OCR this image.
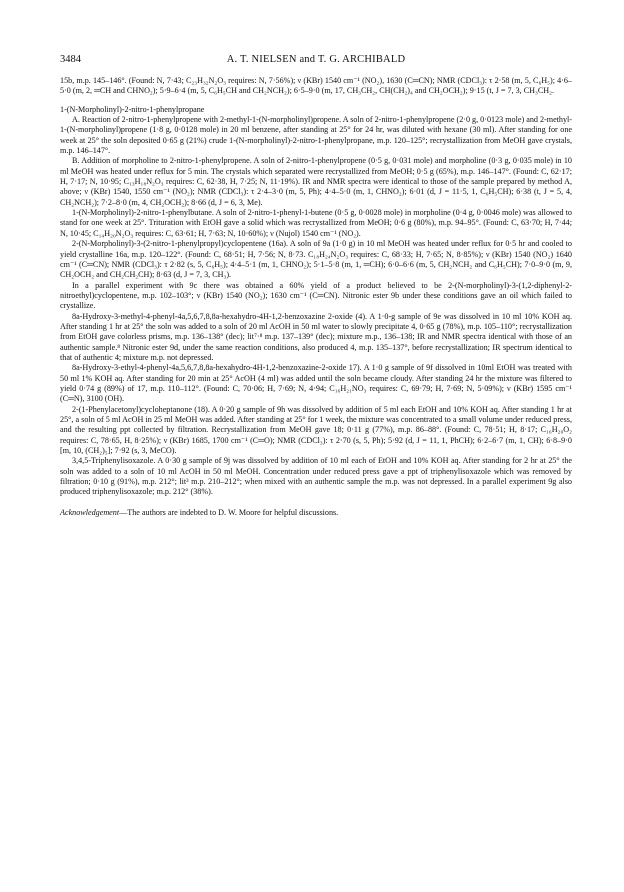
3484	A. T. NIELSEN and T. G. ARCHIBALD

15b, m.p. 145–146°. (Found: N, 7·43; C₂₃H₃₂N₂O₃ requires: N, 7·56%); ν (KBr) 1540 cm⁻¹ (NO₂), 1630 (C═CN); NMR (CDCl₃): τ 2·58 (m, 5, C₆H₅); 4·6–5·0 (m, 2, ═CH and CHNO₂); 5·9–6·4 (m, 5, C₆H₅CH and CH₂NCH₂); 6·5–9·0 (m, 17, CH₃CH₂, CH(CH₂)₄ and CH₂OCH₂); 9·15 (t, J = 7, 3, CH₃CH₂.

1-(N-Morpholinyl)-2-nitro-1-phenylpropane

A. Reaction of 2-nitro-1-phenylpropene with 2-methyl-1-(N-morpholinyl)propene. A soln of 2-nitro-1-phenylpropene (2·0 g, 0·0123 mole) and 2-methyl-1-(N-morpholinyl)propene (1·8 g, 0·0128 mole) in 20 ml benzene, after standing at 25° for 24 hr, was diluted with hexane (30 ml). After standing for one week at 25° the soln deposited 0·65 g (21%) crude 1-(N-morpholinyl)-2-nitro-1-phenylpropane, m.p. 120–125°; recrystallization from MeOH gave crystals, m.p. 146–147°.

B. Addition of morpholine to 2-nitro-1-phenylpropene. A soln of 2-nitro-1-phenylpropene (0·5 g, 0·031 mole) and morpholine (0·3 g, 0·035 mole) in 10 ml MeOH was heated under reflux for 5 min. The crystals which separated were recrystallized from MeOH; 0·5 g (65%), m.p. 146–147°. (Found: C, 62·17; H, 7·17; N, 10·95; C₁₃H₁₈N₂O₃ requires: C, 62·38, H, 7·25; N, 11·19%). IR and NMR spectra were identical to those of the sample prepared by method A, above; ν (KBr) 1540, 1550 cm⁻¹ (NO₂); NMR (CDCl₃): τ 2·4–3·0 (m, 5, Ph); 4·4–5·0 (m, 1, CHNO₂); 6·01 (d, J = 11·5, 1, C₆H₅CH); 6·38 (t, J = 5, 4, CH₂NCH₂); 7·2–8·0 (m, 4, CH₂OCH₂); 8·66 (d, J = 6, 3, Me).

1-(N-Morpholinyl)-2-nitro-1-phenylbutane. A soln of 2-nitro-1-phenyl-1-butene (0·5 g, 0·0028 mole) in morpholine (0·4 g, 0·0046 mole) was allowed to stand for one week at 25°. Trituration with EtOH gave a solid which was recrystallized from MeOH; 0·6 g (80%), m.p. 94–95°. (Found: C, 63·70; H, 7·44; N, 10·45; C₁₄H₂₀N₂O₃ requires: C, 63·61; H, 7·63; N, 10·60%); ν (Nujol) 1540 cm⁻¹ (NO₂).

2-(N-Morpholinyl)-3-(2-nitro-1-phenylpropyl)cyclopentene (16a). A soln of 9a (1·0 g) in 10 ml MeOH was heated under reflux for 0·5 hr and cooled to yield crystalline 16a, m.p. 120–122°. (Found: C, 68·51; H, 7·56; N, 8·73. C₁₈H₂₄N₂O₃ requires: C, 68·33; H, 7·65; N, 8·85%); ν (KBr) 1540 (NO₂) 1640 cm⁻¹ (C═CN); NMR (CDCl₃): τ 2·82 (s, 5, C₆H₅); 4·4–5·1 (m, 1, CHNO₂); 5·1–5·8 (m, 1, ═CH); 6·0–6·6 (m, 5, CH₂NCH₂ and C₆H₅CH); 7·0–9·0 (m, 9, CH₂OCH₂ and CH₂CH₂CH); 8·63 (d, J = 7, 3, CH₃).

In a parallel experiment with 9c there was obtained a 60% yield of a product believed to be 2-(N-morpholinyl)-3-(1,2-diphenyl-2-nitroethyl)cyclopentene, m.p. 102–103°; ν (KBr) 1540 (NO₂); 1630 cm⁻¹ (C═CN). Nitronic ester 9b under these conditions gave an oil which failed to crystallize.

8a-Hydroxy-3-methyl-4-phenyl-4a,5,6,7,8,8a-hexahydro-4H-1,2-benzoxazine 2-oxide (4). A 1·0-g sample of 9e was dissolved in 10 ml 10% KOH aq. After standing 1 hr at 25° the soln was added to a soln of 20 ml AcOH in 50 ml water to slowly precipitate 4, 0·65 g (78%), m.p. 105–110°; recrystallization from EtOH gave colorless prisms, m.p. 136–138° (dec); lit⁷·⁸ m.p. 137–139° (dec); mixture m.p., 136–138; IR and NMR spectra identical with those of an authentic sample.⁸ Nitronic ester 9d, under the same reaction conditions, also produced 4, m.p. 135–137°, before recrystallization; IR spectrum identical to that of authentic 4; mixture m.p. not depressed.

8a-Hydroxy-3-ethyl-4-phenyl-4a,5,6,7,8,8a-hexahydro-4H-1,2-benzoxazine-2-oxide 17). A 1·0 g sample of 9f dissolved in 10ml EtOH was treated with 50 ml 1% KOH aq. After standing for 20 min at 25° AcOH (4 ml) was added until the soln became cloudy. After standing 24 hr the mixture was filtered to yield 0·74 g (89%) of 17, m.p. 110–112°. (Found: C, 70·06; H, 7·69; N, 4·94; C₁₆H₂₁NO₃ requires: C, 69·79; H, 7·69; N, 5·09%); ν (KBr) 1595 cm⁻¹ (C═N), 3100 (OH).

2-(1-Phenylacetonyl)cycloheptanone (18). A 0·20 g sample of 9h was dissolved by addition of 5 ml each EtOH and 10% KOH aq. After standing 1 hr at 25°, a soln of 5 ml AcOH in 25 ml MeOH was added. After standing at 25° for 1 week, the mixture was concentrated to a small volume under reduced press, and the resulting ppt collected by filtration. Recrystallization from MeOH gave 18; 0·11 g (77%), m.p. 86–88°. (Found: C, 78·51; H, 8·17; C₁₆H₂₀O₂ requires: C, 78·65, H, 8·25%); ν (KBr) 1685, 1700 cm⁻¹ (C═O); NMR (CDCl₃): τ 2·70 (s, 5, Ph); 5·92 (d, J = 11, 1, PhCH); 6·2–6·7 (m, 1, CH); 6·8–9·0 [m, 10, (CH₂)₅]; 7·92 (s, 3, MeCO).

3,4,5-Triphenylisoxazole. A 0·30 g sample of 9j was dissolved by addition of 10 ml each of EtOH and 10% KOH aq. After standing for 2 hr at 25° the soln was added to a soln of 10 ml AcOH in 50 ml MeOH. Concentration under reduced press gave a ppt of triphenylisoxazole which was removed by filtration; 0·10 g (91%), m.p. 212°; lit³ m.p. 210–212°; when mixed with an authentic sample the m.p. was not depressed. In a parallel experiment 9g also produced triphenylisoxazole; m.p. 212° (38%).

Acknowledgement—The authors are indebted to D. W. Moore for helpful discussions.
